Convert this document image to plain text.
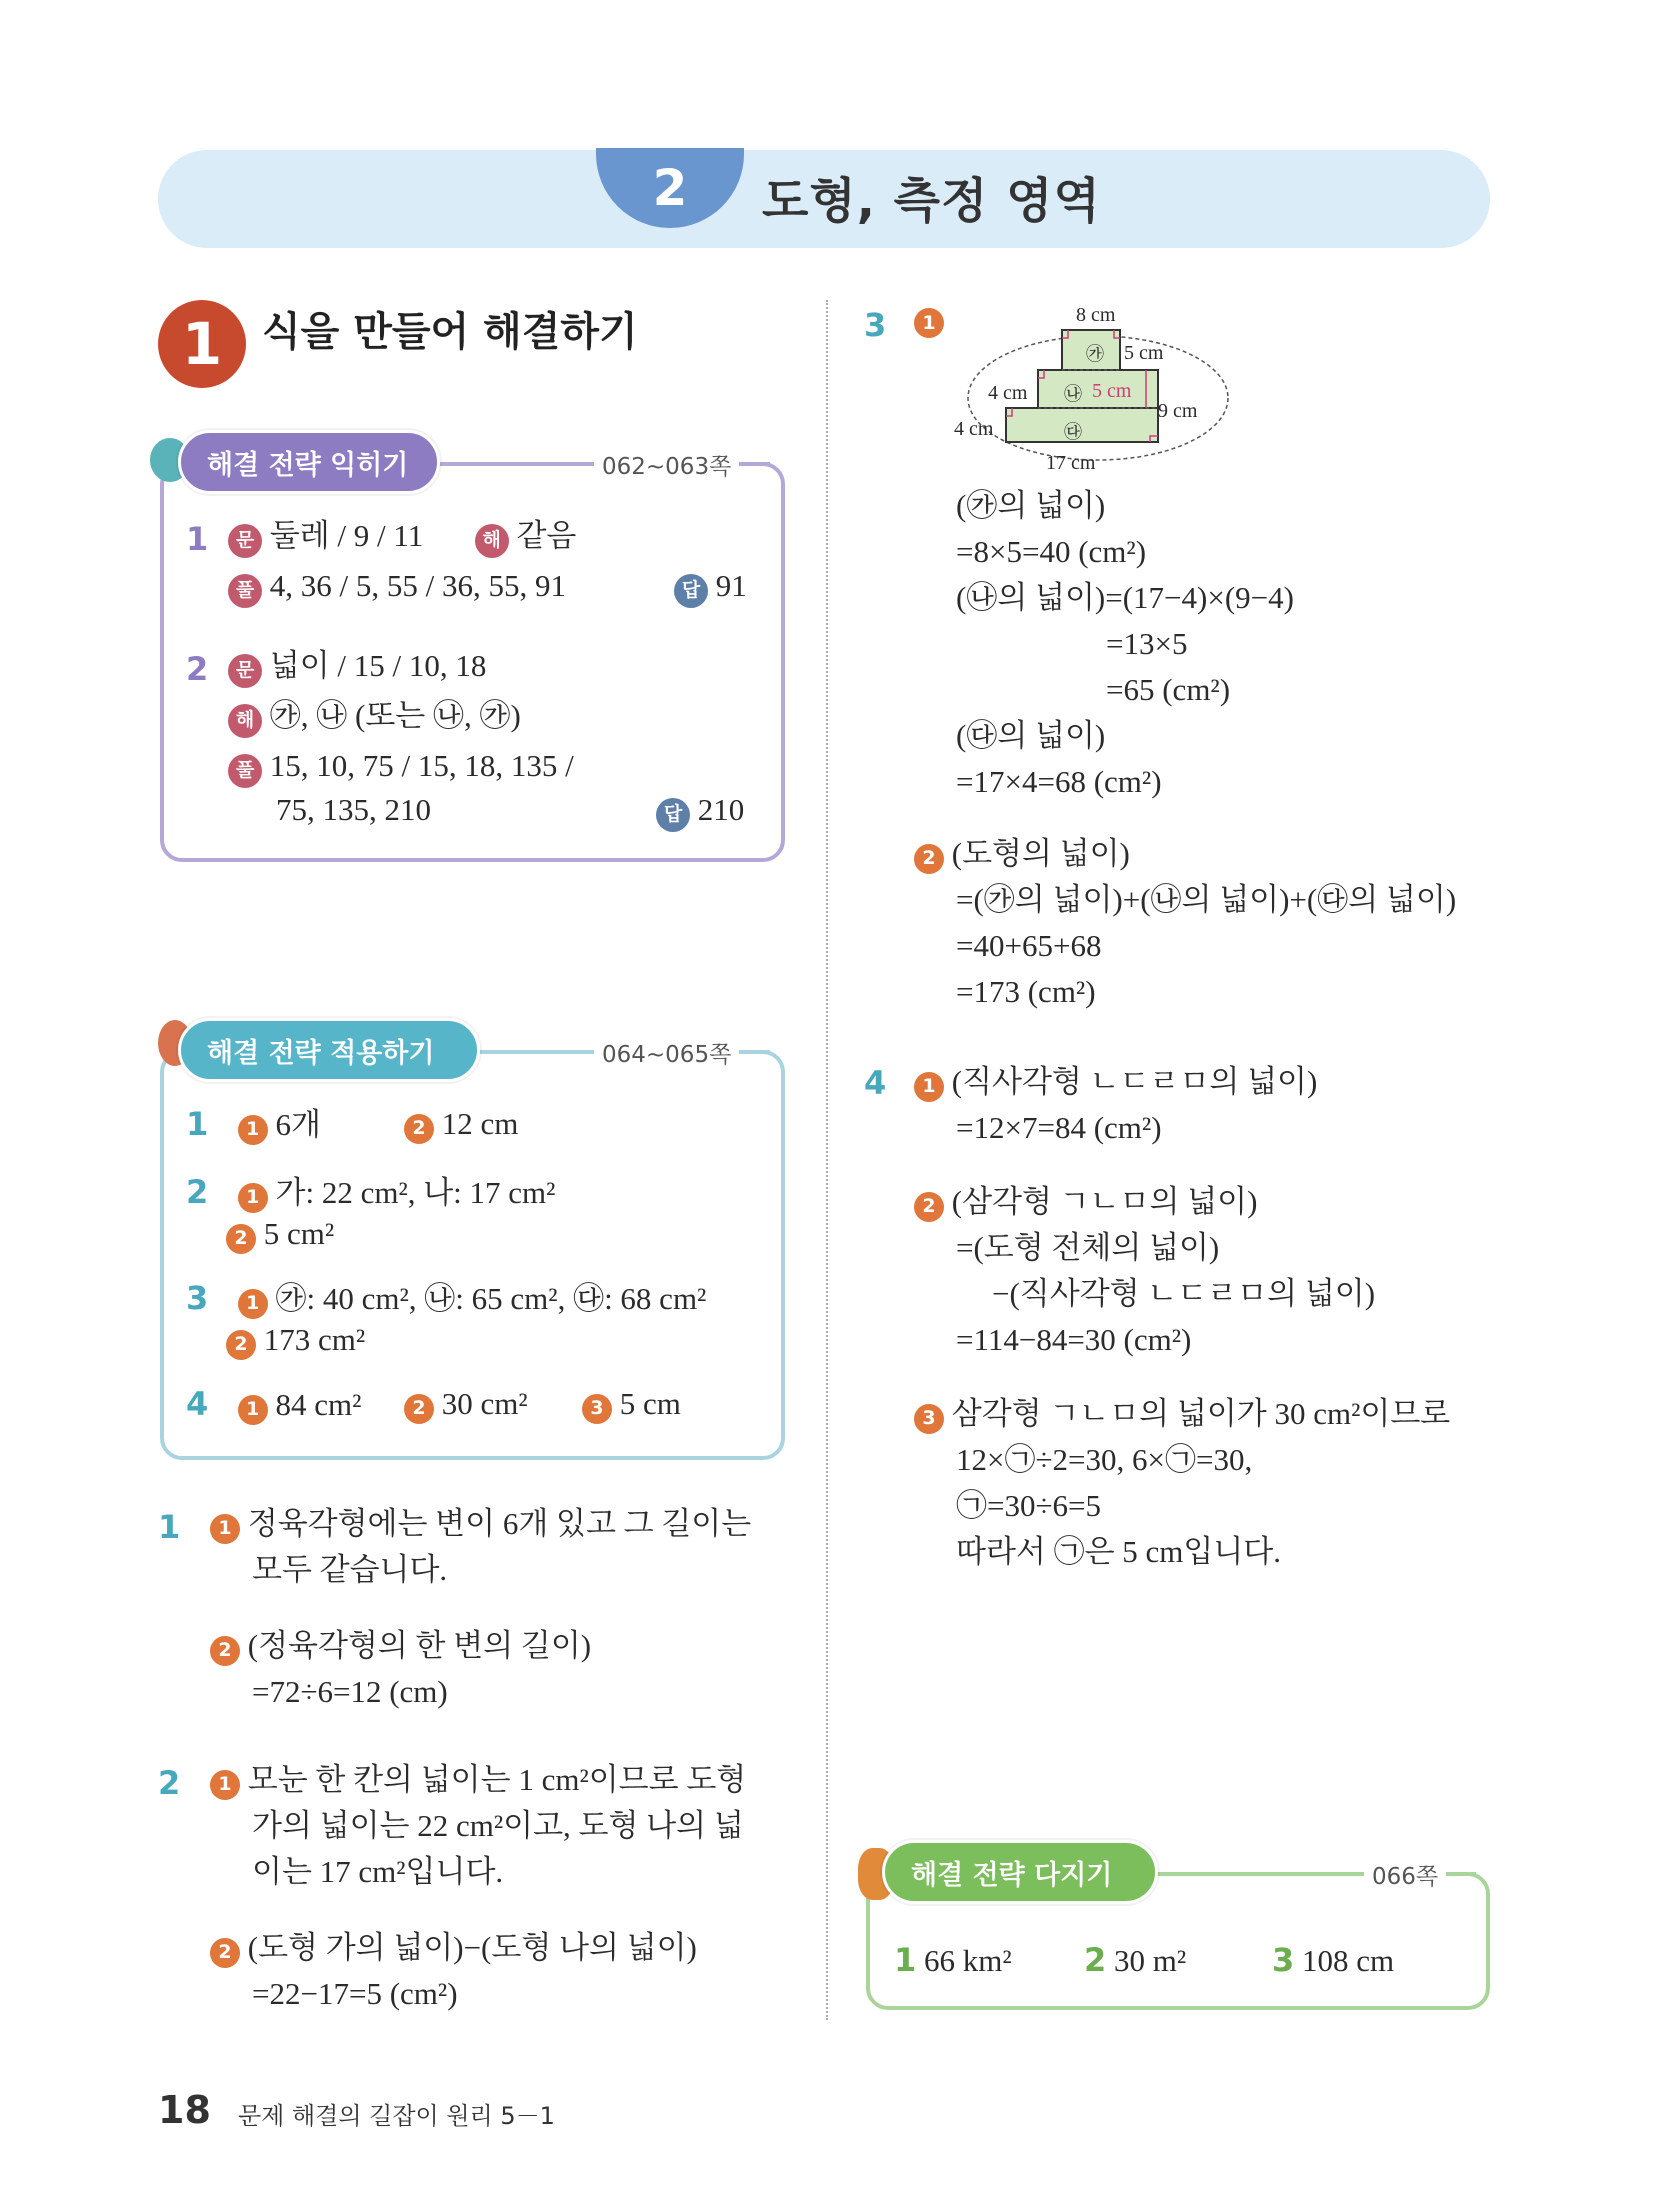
2	도형, 측정 영역
1 식을 만들어 해결하기
062~063쪽
해결 전략 익히기
1	문 둘레 / 9 / 11	해 같음
풀 4, 36 / 5, 55 / 36, 55, 91	답 91
2	문 넓이 / 15 / 10, 18
해 ㉮, ㉯ (또는 ㉯, ㉮)
풀 15, 10, 75 / 15, 18, 135 /
75, 135, 210	답 210
064~065쪽
해결 전략 적용하기
1 1 6개	2 12 cm
2 1 가: 22 cm², 나: 17 cm²
2 5 cm²
3 1 ㉮: 40 cm², ㉯: 65 cm², ㉰: 68 cm²
2 173 cm²
4 1 84 cm²	2 30 cm²	3 5 cm
1	1 정육각형에는 변이 6개 있고 그 길이는
모두 같습니다.
2 (정육각형의 한 변의 길이)
=72÷6=12 (cm)
2	1 모눈 한 칸의 넓이는 1 cm²이므로 도형
가의 넓이는 22 cm²이고, 도형 나의 넓
이는 17 cm²입니다.
2 (도형 가의 넓이)−(도형 나의 넓이)
=22−17=5 (cm²)
3	1	8 cm
5 cm
4 cm	5 cm
9 cm
4 cm
17 cm
㉮
㉯
㉰
(㉮의 넓이)
=8×5=40 (cm²)
(㉯의 넓이)=(17−4)×(9−4)
=13×5
=65 (cm²)
(㉰의 넓이)
=17×4=68 (cm²)
2 (도형의 넓이)
=(㉮의 넓이)+(㉯의 넓이)+(㉰의 넓이)
=40+65+68
=173 (cm²)
4	1 (직사각형 ㄴㄷㄹㅁ의 넓이)
=12×7=84 (cm²)
2 (삼각형 ㄱㄴㅁ의 넓이)
=(도형 전체의 넓이)
−(직사각형 ㄴㄷㄹㅁ의 넓이)
=114−84=30 (cm²)
3 삼각형 ㄱㄴㅁ의 넓이가 30 cm²이므로
12×㉠÷2=30, 6×㉠=30,
㉠=30÷6=5
따라서 ㉠은 5 cm입니다.
066쪽
해결 전략 다지기
1 66 km² 2 30 m²	3 108 cm
18 문제 해결의 길잡이 원리 5－1
